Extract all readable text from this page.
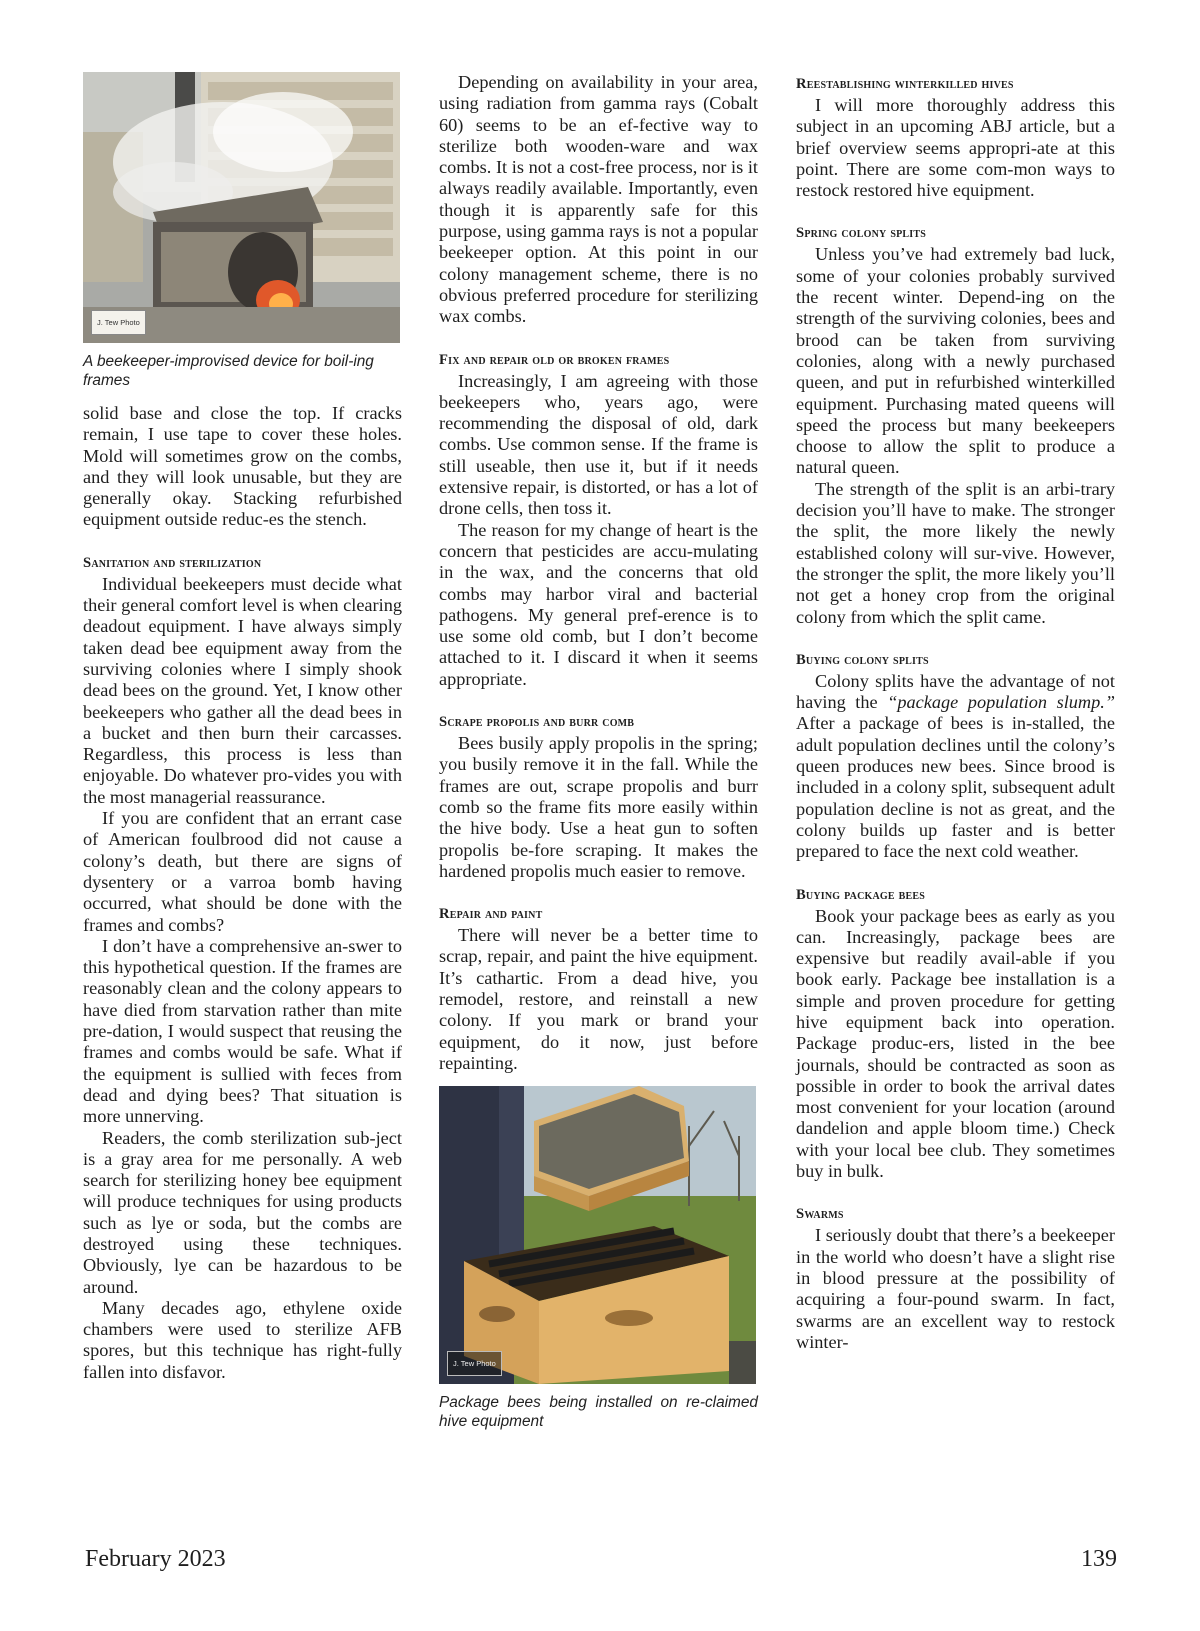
J. Tew Photo
A beekeeper-improvised device for boil-ing frames

solid base and close the top. If cracks remain, I use tape to cover these holes. Mold will sometimes grow on the combs, and they will look unusable, but they are generally okay. Stacking refurbished equipment outside reduc-es the stench.

Sanitation and sterilization

Individual beekeepers must decide what their general comfort level is when clearing deadout equipment. I have always simply taken dead bee equipment away from the surviving colonies where I simply shook dead bees on the ground. Yet, I know other beekeepers who gather all the dead bees in a bucket and then burn their carcasses. Regardless, this process is less than enjoyable. Do whatever pro-vides you with the most managerial reassurance.

If you are confident that an errant case of American foulbrood did not cause a colony’s death, but there are signs of dysentery or a varroa bomb having occurred, what should be done with the frames and combs?

I don’t have a comprehensive an-swer to this hypothetical question. If the frames are reasonably clean and the colony appears to have died from starvation rather than mite pre-dation, I would suspect that reusing the frames and combs would be safe. What if the equipment is sullied with feces from dead and dying bees? That situation is more unnerving.

Readers, the comb sterilization sub-ject is a gray area for me personally. A web search for sterilizing honey bee equipment will produce techniques for using products such as lye or soda, but the combs are destroyed using these techniques. Obviously, lye can be hazardous to be around.

Many decades ago, ethylene oxide chambers were used to sterilize AFB spores, but this technique has right-fully fallen into disfavor.

Depending on availability in your area, using radiation from gamma rays (Cobalt 60) seems to be an ef-fective way to sterilize both wooden-ware and wax combs. It is not a cost-free process, nor is it always readily available. Importantly, even though it is apparently safe for this purpose, using gamma rays is not a popular beekeeper option. At this point in our colony management scheme, there is no obvious preferred procedure for sterilizing wax combs.

Fix and repair old or broken frames

Increasingly, I am agreeing with those beekeepers who, years ago, were recommending the disposal of old, dark combs. Use common sense. If the frame is still useable, then use it, but if it needs extensive repair, is distorted, or has a lot of drone cells, then toss it.

The reason for my change of heart is the concern that pesticides are accu-mulating in the wax, and the concerns that old combs may harbor viral and bacterial pathogens. My general pref-erence is to use some old comb, but I don’t become attached to it. I discard it when it seems appropriate.

Scrape propolis and burr comb

Bees busily apply propolis in the spring; you busily remove it in the fall. While the frames are out, scrape propolis and burr comb so the frame fits more easily within the hive body. Use a heat gun to soften propolis be-fore scraping. It makes the hardened propolis much easier to remove.

Repair and paint

There will never be a better time to scrap, repair, and paint the hive equipment. It’s cathartic. From a dead hive, you remodel, restore, and reinstall a new colony. If you mark or brand your equipment, do it now, just before repainting.

J. Tew Photo
Package bees being installed on re-claimed hive equipment
Reestablishing winterkilled hives

I will more thoroughly address this subject in an upcoming ABJ article, but a brief overview seems appropri-ate at this point. There are some com-mon ways to restock restored hive equipment.

Spring colony splits

Unless you’ve had extremely bad luck, some of your colonies probably survived the recent winter. Depend-ing on the strength of the surviving colonies, bees and brood can be taken from surviving colonies, along with a newly purchased queen, and put in refurbished winterkilled equipment. Purchasing mated queens will speed the process but many beekeepers choose to allow the split to produce a natural queen.

The strength of the split is an arbi-trary decision you’ll have to make. The stronger the split, the more likely the newly established colony will sur-vive. However, the stronger the split, the more likely you’ll not get a honey crop from the original colony from which the split came.

Buying colony splits

Colony splits have the advantage of not having the “package population slump.” After a package of bees is in-stalled, the adult population declines until the colony’s queen produces new bees. Since brood is included in a colony split, subsequent adult population decline is not as great, and the colony builds up faster and is better prepared to face the next cold weather.

Buying package bees

Book your package bees as early as you can. Increasingly, package bees are expensive but readily avail-able if you book early. Package bee installation is a simple and proven procedure for getting hive equipment back into operation. Package produc-ers, listed in the bee journals, should be contracted as soon as possible in order to book the arrival dates most convenient for your location (around dandelion and apple bloom time.) Check with your local bee club. They sometimes buy in bulk.

Swarms

I seriously doubt that there’s a beekeeper in the world who doesn’t have a slight rise in blood pressure at the possibility of acquiring a four-pound swarm. In fact, swarms are an excellent way to restock winter-

February 2023	139
